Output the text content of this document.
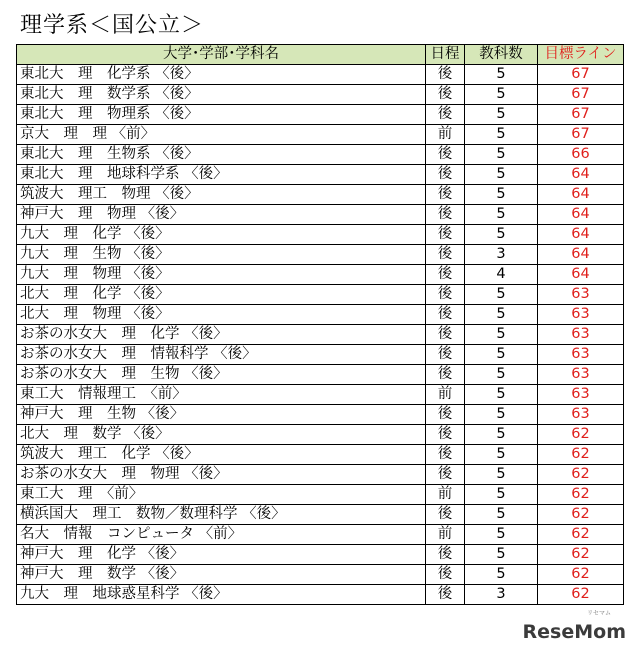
理学系＜国公立＞
大学･学部･学科名	日程	教科数	目標ライン
東北大　理　化学系 〈後〉	後	5	67
東北大　理　数学系 〈後〉	後	5	67
東北大　理　物理系 〈後〉	後	5	67
京大　理　理 〈前〉	前	5	67
東北大　理　生物系 〈後〉	後	5	66
東北大　理　地球科学系 〈後〉	後	5	64
筑波大　理工　物理 〈後〉	後	5	64
神戸大　理　物理 〈後〉	後	5	64
九大　理　化学 〈後〉	後	5	64
九大　理　生物 〈後〉	後	3	64
九大　理　物理 〈後〉	後	4	64
北大　理　化学 〈後〉	後	5	63
北大　理　物理 〈後〉	後	5	63
お茶の水女大　理　化学 〈後〉	後	5	63
お茶の水女大　理　情報科学 〈後〉	後	5	63
お茶の水女大　理　生物 〈後〉	後	5	63
東工大　情報理工　〈前〉	前	5	63
神戸大　理　生物 〈後〉	後	5	63
北大　理　数学 〈後〉	後	5	62
筑波大　理工　化学 〈後〉	後	5	62
お茶の水女大　理　物理 〈後〉	後	5	62
東工大　理　〈前〉	前	5	62
横浜国大　理工　数物／数理科学 〈後〉	後	5	62
名大　情報　コンピュータ 〈前〉	前	5	62
神戸大　理　化学 〈後〉	後	5	62
神戸大　理　数学 〈後〉	後	5	62
九大　理　地球惑星科学 〈後〉	後	3	62
リセマム
ReseMom
